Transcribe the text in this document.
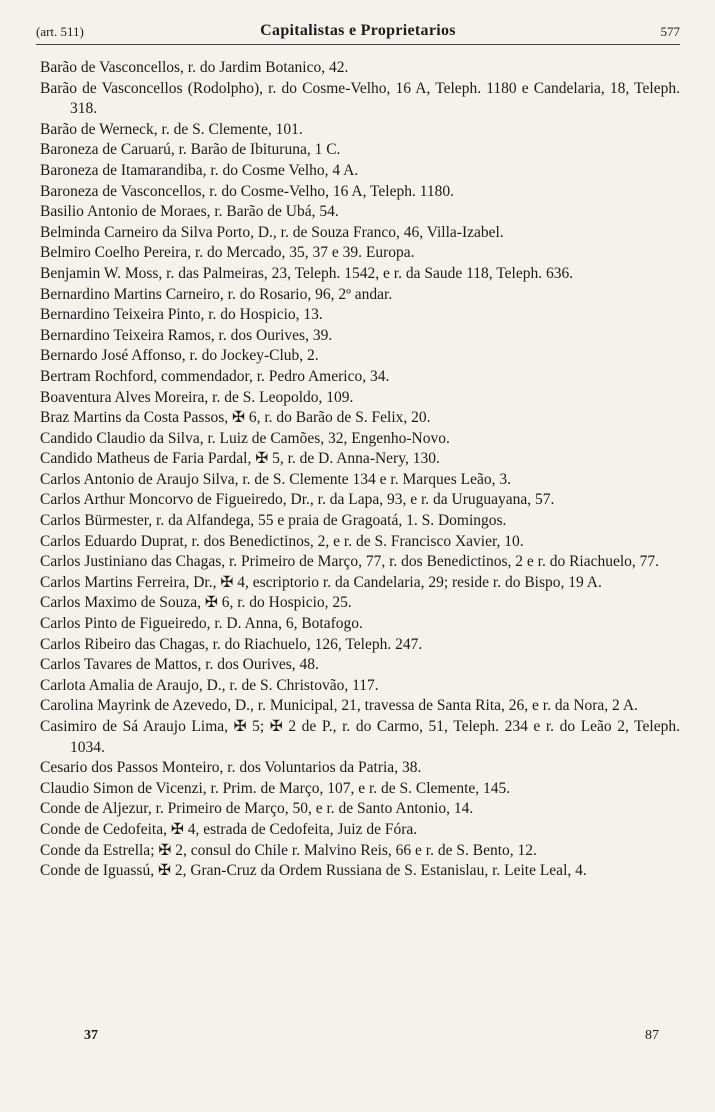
(art. 511)	Capitalistas e Proprietarios	577
Barão de Vasconcellos, r. do Jardim Botanico, 42.
Barão de Vasconcellos (Rodolpho), r. do Cosme-Velho, 16 A, Teleph. 1180 e Candelaria, 18, Teleph. 318.
Barão de Werneck, r. de S. Clemente, 101.
Baroneza de Caruarú, r. Barão de Ibituruna, 1 C.
Baroneza de Itamarandiba, r. do Cosme Velho, 4 A.
Baroneza de Vasconcellos, r. do Cosme-Velho, 16 A, Teleph. 1180.
Basilio Antonio de Moraes, r. Barão de Ubá, 54.
Belminda Carneiro da Silva Porto, D., r. de Souza Franco, 46, Villa-Izabel.
Belmiro Coelho Pereira, r. do Mercado, 35, 37 e 39. Europa.
Benjamin W. Moss, r. das Palmeiras, 23, Teleph. 1542, e r. da Saude 118, Teleph. 636.
Bernardino Martins Carneiro, r. do Rosario, 96, 2º andar.
Bernardino Teixeira Pinto, r. do Hospicio, 13.
Bernardino Teixeira Ramos, r. dos Ourives, 39.
Bernardo José Affonso, r. do Jockey-Club, 2.
Bertram Rochford, commendador, r. Pedro Americo, 34.
Boaventura Alves Moreira, r. de S. Leopoldo, 109.
Braz Martins da Costa Passos, ✠ 6, r. do Barão de S. Felix, 20.
Candido Claudio da Silva, r. Luiz de Camões, 32, Engenho-Novo.
Candido Matheus de Faria Pardal, ✠ 5, r. de D. Anna-Nery, 130.
Carlos Antonio de Araujo Silva, r. de S. Clemente 134 e r. Marques Leão, 3.
Carlos Arthur Moncorvo de Figueiredo, Dr., r. da Lapa, 93, e r. da Uruguayana, 57.
Carlos Bürmester, r. da Alfandega, 55 e praia de Gragoatá, 1. S. Domingos.
Carlos Eduardo Duprat, r. dos Benedictinos, 2, e r. de S. Francisco Xavier, 10.
Carlos Justiniano das Chagas, r. Primeiro de Março, 77, r. dos Benedictinos, 2 e r. do Riachuelo, 77.
Carlos Martins Ferreira, Dr., ✠ 4, escriptorio r. da Candelaria, 29; reside r. do Bispo, 19 A.
Carlos Maximo de Souza, ✠ 6, r. do Hospicio, 25.
Carlos Pinto de Figueiredo, r. D. Anna, 6, Botafogo.
Carlos Ribeiro das Chagas, r. do Riachuelo, 126, Teleph. 247.
Carlos Tavares de Mattos, r. dos Ourives, 48.
Carlota Amalia de Araujo, D., r. de S. Christovão, 117.
Carolina Mayrink de Azevedo, D., r. Municipal, 21, travessa de Santa Rita, 26, e r. da Nora, 2 A.
Casimiro de Sá Araujo Lima, ✠ 5; ✠ 2 de P., r. do Carmo, 51, Teleph. 234 e r. do Leão 2, Teleph. 1034.
Cesario dos Passos Monteiro, r. dos Voluntarios da Patria, 38.
Claudio Simon de Vicenzi, r. Prim. de Março, 107, e r. de S. Clemente, 145.
Conde de Aljezur, r. Primeiro de Março, 50, e r. de Santo Antonio, 14.
Conde de Cedofeita, ✠ 4, estrada de Cedofeita, Juiz de Fóra.
Conde da Estrella; ✠ 2, consul do Chile r. Malvino Reis, 66 e r. de S. Bento, 12.
Conde de Iguassú, ✠ 2, Gran-Cruz da Ordem Russiana de S. Estanislau, r. Leite Leal, 4.
37	87
